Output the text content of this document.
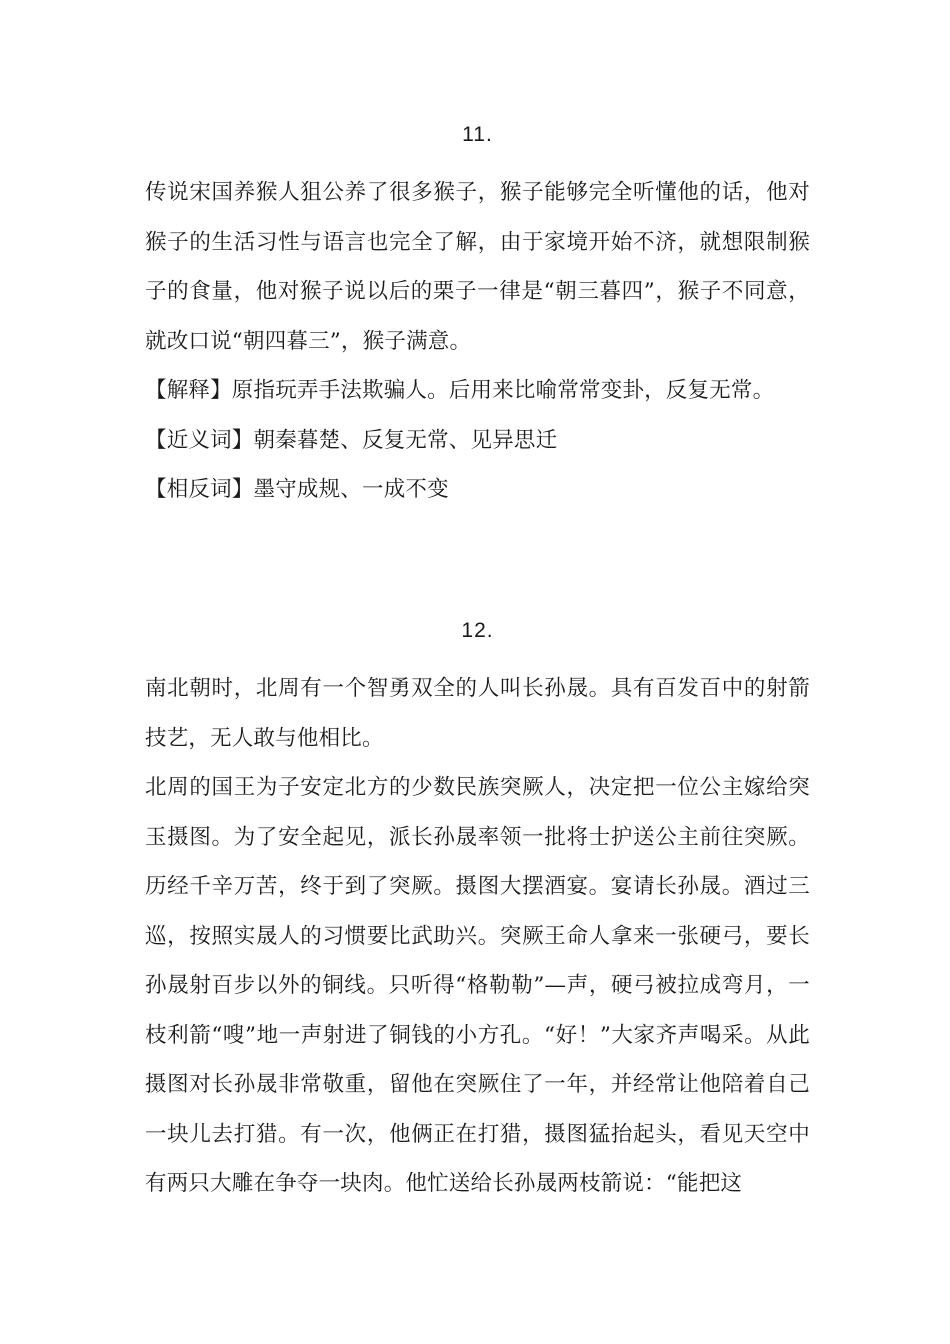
11.

传说宋国养猴人狙公养了很多猴子，猴子能够完全听懂他的话，他对猴子的生活习性与语言也完全了解，由于家境开始不济，就想限制猴子的食量，他对猴子说以后的栗子一律是“朝三暮四”，猴子不同意，就改口说“朝四暮三”，猴子满意。

【解释】原指玩弄手法欺骗人。后用来比喻常常变卦，反复无常。

【近义词】朝秦暮楚、反复无常、见异思迁

【相反词】墨守成规、一成不变

12.

南北朝时，北周有一个智勇双全的人叫长孙晟。具有百发百中的射箭技艺，无人敢与他相比。

北周的国王为子安定北方的少数民族突厥人，决定把一位公主嫁给突玉摄图。为了安全起见，派长孙晟率领一批将士护送公主前往突厥。历经千辛万苦，终于到了突厥。摄图大摆酒宴。宴请长孙晟。酒过三巡，按照实晟人的习惯要比武助兴。突厥王命人拿来一张硬弓，要长孙晟射百步以外的铜线。只听得“格勒勒”—声，硬弓被拉成弯月，一枝利箭“嗖”地一声射进了铜钱的小方孔。“好！”大家齐声喝采。从此摄图对长孙晟非常敬重，留他在突厥住了一年，并经常让他陪着自己一块儿去打猎。有一次，他俩正在打猎，摄图猛抬起头，看见天空中有两只大雕在争夺一块肉。他忙送给长孙晟两枝箭说：“能把这
